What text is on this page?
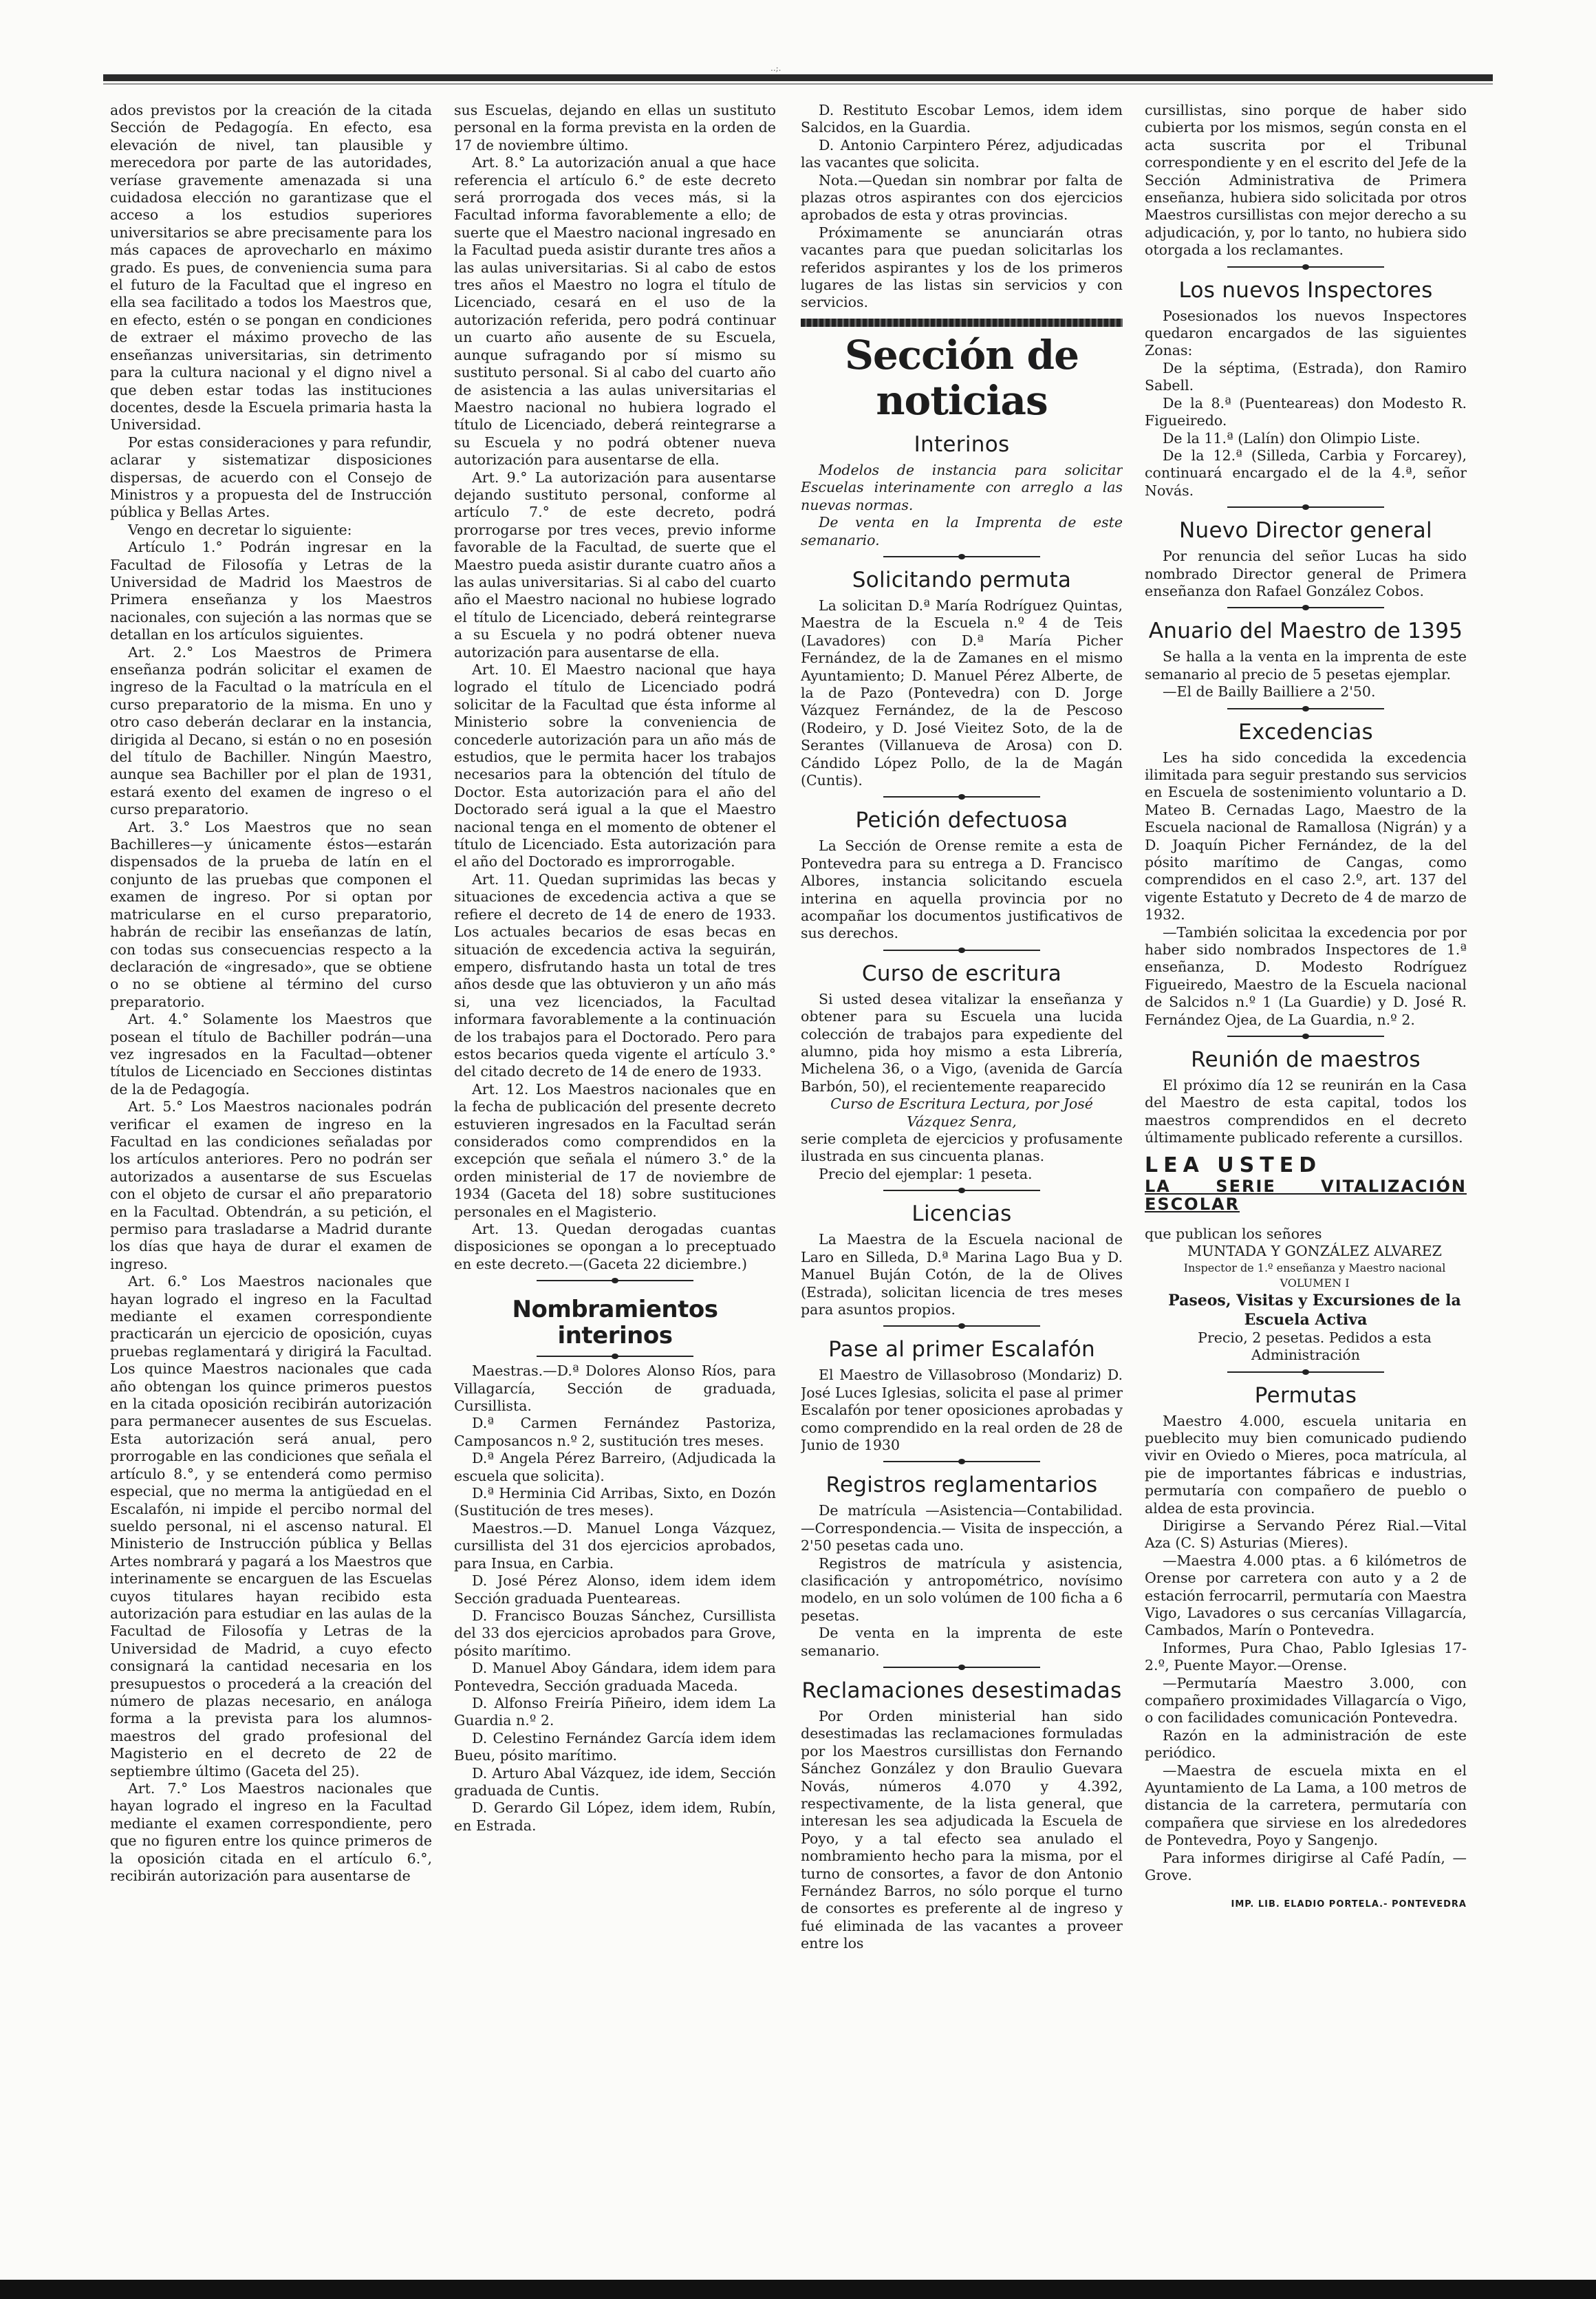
..;.

ados previstos por la creación de la citada Sección de Pedagogía. En efecto, esa elevación de nivel, tan plausible y merecedora por parte de las autoridades, veríase gravemente amenazada si una cuidadosa elección no garantizase que el acceso a los estudios superiores universitarios se abre precisamente para los más capaces de aprovecharlo en máximo grado. Es pues, de conveniencia suma para el futuro de la Facultad que el ingreso en ella sea facilitado a todos los Maestros que, en efecto, estén o se pongan en condiciones de extraer el máximo provecho de las enseñanzas universitarias, sin detrimento para la cultura nacional y el digno nivel a que deben estar todas las instituciones docentes, desde la Escuela primaria hasta la Universidad.

Por estas consideraciones y para refundir, aclarar y sistematizar disposiciones dispersas, de acuerdo con el Consejo de Ministros y a propuesta del de Instrucción pública y Bellas Artes.

Vengo en decretar lo siguiente:

Artículo 1.° Podrán ingresar en la Facultad de Filosofía y Letras de la Universidad de Madrid los Maestros de Primera enseñanza y los Maestros nacionales, con sujeción a las normas que se detallan en los artículos siguientes.

Art. 2.° Los Maestros de Primera enseñanza podrán solicitar el examen de ingreso de la Facultad o la matrícula en el curso preparatorio de la misma. En uno y otro caso deberán declarar en la instancia, dirigida al Decano, si están o no en posesión del título de Bachiller. Ningún Maestro, aunque sea Bachiller por el plan de 1931, estará exento del examen de ingreso o el curso preparatorio.

Art. 3.° Los Maestros que no sean Bachilleres—y únicamente éstos—estarán dispensados de la prueba de latín en el conjunto de las pruebas que componen el examen de ingreso. Por si optan por matricularse en el curso preparatorio, habrán de recibir las enseñanzas de latín, con todas sus consecuencias respecto a la declaración de «ingresado», que se obtiene o no se obtiene al término del curso preparatorio.

Art. 4.° Solamente los Maestros que posean el título de Bachiller podrán—una vez ingresados en la Facultad—obtener títulos de Licenciado en Secciones distintas de la de Pedagogía.

Art. 5.° Los Maestros nacionales podrán verificar el examen de ingreso en la Facultad en las condiciones señaladas por los artículos anteriores. Pero no podrán ser autorizados a ausentarse de sus Escuelas con el objeto de cursar el año preparatorio en la Facultad. Obtendrán, a su petición, el permiso para trasladarse a Madrid durante los días que haya de durar el examen de ingreso.

Art. 6.° Los Maestros nacionales que hayan logrado el ingreso en la Facultad mediante el examen correspondiente practicarán un ejercicio de oposición, cuyas pruebas reglamentará y dirigirá la Facultad. Los quince Maestros nacionales que cada año obtengan los quince primeros puestos en la citada oposición recibirán autorización para permanecer ausentes de sus Escuelas. Esta autorización será anual, pero prorrogable en las condiciones que señala el artículo 8.°, y se entenderá como permiso especial, que no merma la antigüedad en el Escalafón, ni impide el percibo normal del sueldo personal, ni el ascenso natural. El Ministerio de Instrucción pública y Bellas Artes nombrará y pagará a los Maestros que interinamente se encarguen de las Escuelas cuyos titulares hayan recibido esta autorización para estudiar en las aulas de la Facultad de Filosofía y Letras de la Universidad de Madrid, a cuyo efecto consignará la cantidad necesaria en los presupuestos o procederá a la creación del número de plazas necesario, en análoga forma a la prevista para los alumnos-maestros del grado profesional del Magisterio en el decreto de 22 de septiembre último (Gaceta del 25).

Art. 7.° Los Maestros nacionales que hayan logrado el ingreso en la Facultad mediante el examen correspondiente, pero que no figuren entre los quince primeros de la oposición citada en el artículo 6.°, recibirán autorización para ausentarse de

sus Escuelas, dejando en ellas un sustituto personal en la forma prevista en la orden de 17 de noviembre último.

Art. 8.° La autorización anual a que hace referencia el artículo 6.° de este decreto será prorrogada dos veces más, si la Facultad informa favorablemente a ello; de suerte que el Maestro nacional ingresado en la Facultad pueda asistir durante tres años a las aulas universitarias. Si al cabo de estos tres años el Maestro no logra el título de Licenciado, cesará en el uso de la autorización referida, pero podrá continuar un cuarto año ausente de su Escuela, aunque sufragando por sí mismo su sustituto personal. Si al cabo del cuarto año de asistencia a las aulas universitarias el Maestro nacional no hubiera logrado el título de Licenciado, deberá reintegrarse a su Escuela y no podrá obtener nueva autorización para ausentarse de ella.

Art. 9.° La autorización para ausentarse dejando sustituto personal, conforme al artículo 7.° de este decreto, podrá prorrogarse por tres veces, previo informe favorable de la Facultad, de suerte que el Maestro pueda asistir durante cuatro años a las aulas universitarias. Si al cabo del cuarto año el Maestro nacional no hubiese logrado el título de Licenciado, deberá reintegrarse a su Escuela y no podrá obtener nueva autorización para ausentarse de ella.

Art. 10. El Maestro nacional que haya logrado el título de Licenciado podrá solicitar de la Facultad que ésta informe al Ministerio sobre la conveniencia de concederle autorización para un año más de estudios, que le permita hacer los trabajos necesarios para la obtención del título de Doctor. Esta autorización para el año del Doctorado será igual a la que el Maestro nacional tenga en el momento de obtener el título de Licenciado. Esta autorización para el año del Doctorado es improrrogable.

Art. 11. Quedan suprimidas las becas y situaciones de excedencia activa a que se refiere el decreto de 14 de enero de 1933. Los actuales becarios de esas becas en situación de excedencia activa la seguirán, empero, disfrutando hasta un total de tres años desde que las obtuvieron y un año más si, una vez licenciados, la Facultad informara favorablemente a la continuación de los trabajos para el Doctorado. Pero para estos becarios queda vigente el artículo 3.° del citado decreto de 14 de enero de 1933.

Art. 12. Los Maestros nacionales que en la fecha de publicación del presente decreto estuvieren ingresados en la Facultad serán considerados como comprendidos en la excepción que señala el número 3.° de la orden ministerial de 17 de noviembre de 1934 (Gaceta del 18) sobre sustituciones personales en el Magisterio.

Art. 13. Quedan derogadas cuantas disposiciones se opongan a lo preceptuado en este decreto.—(Gaceta 22 diciembre.)

Nombramientos interinos

Maestras.—D.ª Dolores Alonso Ríos, para Villagarcía, Sección de graduada, Cursillista.

D.ª Carmen Fernández Pastoriza, Camposancos n.º 2, sustitución tres meses.

D.ª Angela Pérez Barreiro, (Adjudicada la escuela que solicita).

D.ª Herminia Cid Arribas, Sixto, en Dozón (Sustitución de tres meses).

Maestros.—D. Manuel Longa Vázquez, cursillista del 31 dos ejercicios aprobados, para Insua, en Carbia.

D. José Pérez Alonso, idem idem idem Sección graduada Puenteareas.

D. Francisco Bouzas Sánchez, Cursillista del 33 dos ejercicios aprobados para Grove, pósito marítimo.

D. Manuel Aboy Gándara, idem idem para Pontevedra, Sección graduada Maceda.

D. Alfonso Freiría Piñeiro, idem idem La Guardia n.º 2.

D. Celestino Fernández García idem idem Bueu, pósito marítimo.

D. Arturo Abal Vázquez, ide idem, Sección graduada de Cuntis.

D. Gerardo Gil López, idem idem, Rubín, en Estrada.

D. Restituto Escobar Lemos, idem idem Salcidos, en la Guardia.

D. Antonio Carpintero Pérez, adjudicadas las vacantes que solicita.

Nota.—Quedan sin nombrar por falta de plazas otros aspirantes con dos ejercicios aprobados de esta y otras provincias.

Próximamente se anunciarán otras vacantes para que puedan solicitarlas los referidos aspirantes y los de los primeros lugares de las listas sin servicios y con servicios.

Sección de noticias
Interinos

Modelos de instancia para solicitar Escuelas interinamente con arreglo a las nuevas normas.

De venta en la Imprenta de este semanario.

Solicitando permuta

La solicitan D.ª María Rodríguez Quintas, Maestra de la Escuela n.º 4 de Teis (Lavadores) con D.ª María Picher Fernández, de la de Zamanes en el mismo Ayuntamiento; D. Manuel Pérez Alberte, de la de Pazo (Pontevedra) con D. Jorge Vázquez Fernández, de la de Pescoso (Rodeiro, y D. José Vieitez Soto, de la de Serantes (Villanueva de Arosa) con D. Cándido López Pollo, de la de Magán (Cuntis).

Petición defectuosa

La Sección de Orense remite a esta de Pontevedra para su entrega a D. Francisco Albores, instancia solicitando escuela interina en aquella provincia por no acompañar los documentos justificativos de sus derechos.

Curso de escritura

Si usted desea vitalizar la enseñanza y obtener para su Escuela una lucida colección de trabajos para expediente del alumno, pida hoy mismo a esta Librería, Michelena 36, o a Vigo, (avenida de García Barbón, 50), el recientemente reaparecido

Curso de Escritura Lectura, por José Vázquez Senra,

serie completa de ejercicios y profusamente ilustrada en sus cincuenta planas.

Precio del ejemplar: 1 peseta.

Licencias

La Maestra de la Escuela nacional de Laro en Silleda, D.ª Marina Lago Bua y D. Manuel Buján Cotón, de la de Olives (Estrada), solicitan licencia de tres meses para asuntos propios.

Pase al primer Escalafón

El Maestro de Villasobroso (Mondariz) D. José Luces Iglesias, solicita el pase al primer Escalafón por tener oposiciones aprobadas y como comprendido en la real orden de 28 de Junio de 1930

Registros reglamentarios

De matrícula —Asistencia—Contabilidad.—Correspondencia.— Visita de inspección, a 2'50 pesetas cada uno.

Registros de matrícula y asistencia, clasificación y antropométrico, novísimo modelo, en un solo volúmen de 100 ficha a 6 pesetas.

De venta en la imprenta de este semanario.

Reclamaciones desestimadas

Por Orden ministerial han sido desestimadas las reclamaciones formuladas por los Maestros cursillistas don Fernando Sánchez González y don Braulio Guevara Novás, números 4.070 y 4.392, respectivamente, de la lista general, que interesan les sea adjudicada la Escuela de Poyo, y a tal efecto sea anulado el nombramiento hecho para la misma, por el turno de consortes, a favor de don Antonio Fernández Barros, no sólo porque el turno de consortes es preferente al de ingreso y fué eliminada de las vacantes a proveer entre los

cursillistas, sino porque de haber sido cubierta por los mismos, según consta en el acta suscrita por el Tribunal correspondiente y en el escrito del Jefe de la Sección Administrativa de Primera enseñanza, hubiera sido solicitada por otros Maestros cursillistas con mejor derecho a su adjudicación, y, por lo tanto, no hubiera sido otorgada a los reclamantes.

Los nuevos Inspectores

Posesionados los nuevos Inspectores quedaron encargados de las siguientes Zonas:

De la séptima, (Estrada), don Ramiro Sabell.

De la 8.ª (Puenteareas) don Modesto R. Figueiredo.

De la 11.ª (Lalín) don Olimpio Liste.

De la 12.ª (Silleda, Carbia y Forcarey), continuará encargado el de la 4.ª, señor Novás.

Nuevo Director general

Por renuncia del señor Lucas ha sido nombrado Director general de Primera enseñanza don Rafael González Cobos.

Anuario del Maestro de 1395

Se halla a la venta en la imprenta de este semanario al precio de 5 pesetas ejemplar.

—El de Bailly Bailliere a 2'50.

Excedencias

Les ha sido concedida la excedencia ilimitada para seguir prestando sus servicios en Escuela de sostenimiento voluntario a D. Mateo B. Cernadas Lago, Maestro de la Escuela nacional de Ramallosa (Nigrán) y a D. Joaquín Picher Fernández, de la del pósito marítimo de Cangas, como comprendidos en el caso 2.º, art. 137 del vigente Estatuto y Decreto de 4 de marzo de 1932.

—También solicitaa la excedencia por por haber sido nombrados Inspectores de 1.ª enseñanza, D. Modesto Rodríguez Figueiredo, Maestro de la Escuela nacional de Salcidos n.º 1 (La Guardie) y D. José R. Fernández Ojea, de La Guardia, n.º 2.

Reunión de maestros

El próximo día 12 se reunirán en la Casa del Maestro de esta capital, todos los maestros comprendidos en el decreto últimamente publicado referente a cursillos.

LEA USTED
LA SERIE VITALIZACIÓN ESCOLAR

que publican los señores

MUNTADA Y GONZÁLEZ ALVAREZ

Inspector de 1.º enseñanza y Maestro nacional

VOLUMEN I

Paseos, Visitas y Excursiones de la Escuela Activa

Precio, 2 pesetas. Pedidos a esta Administración

Permutas

Maestro 4.000, escuela unitaria en pueblecito muy bien comunicado pudiendo vivir en Oviedo o Mieres, poca matrícula, al pie de importantes fábricas e industrias, permutaría con compañero de pueblo o aldea de esta provincia.

Dirigirse a Servando Pérez Rial.—Vital Aza (C. S) Asturias (Mieres).

—Maestra 4.000 ptas. a 6 kilómetros de Orense por carretera con auto y a 2 de estación ferrocarril, permutaría con Maestra Vigo, Lavadores o sus cercanías Villagarcía, Cambados, Marín o Pontevedra.

Informes, Pura Chao, Pablo Iglesias 17-2.º, Puente Mayor.—Orense.

—Permutaría Maestro 3.000, con compañero proximidades Villagarcía o Vigo, o con facilidades comunicación Pontevedra.

Razón en la administración de este periódico.

—Maestra de escuela mixta en el Ayuntamiento de La Lama, a 100 metros de distancia de la carretera, permutaría con compañera que sirviese en los alrededores de Pontevedra, Poyo y Sangenjo.

Para informes dirigirse al Café Padín, —Grove.

IMP. LIB. ELADIO PORTELA.- PONTEVEDRA
